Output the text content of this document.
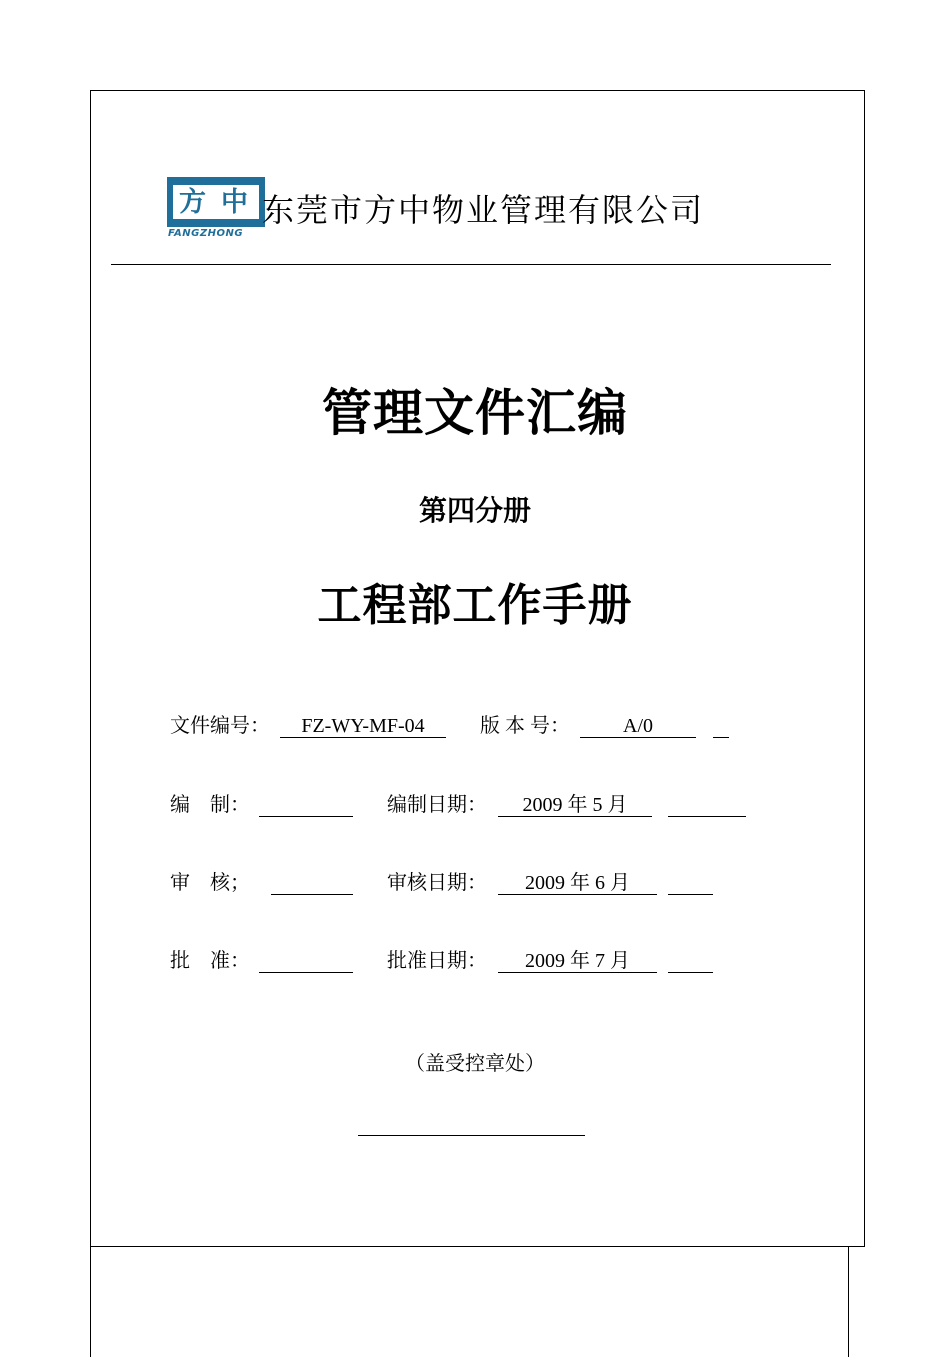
方 中
FANGZHONG
东莞市方中物业管理有限公司
管理文件汇编
第四分册
工程部工作手册
文件编号：	FZ-WY-MF-04	版 本 号：	A/0
编    制：	编制日期：	2009 年 5 月
审    核；	审核日期：	2009 年 6 月
批    准：	批准日期：	2009 年 7 月
（盖受控章处）
